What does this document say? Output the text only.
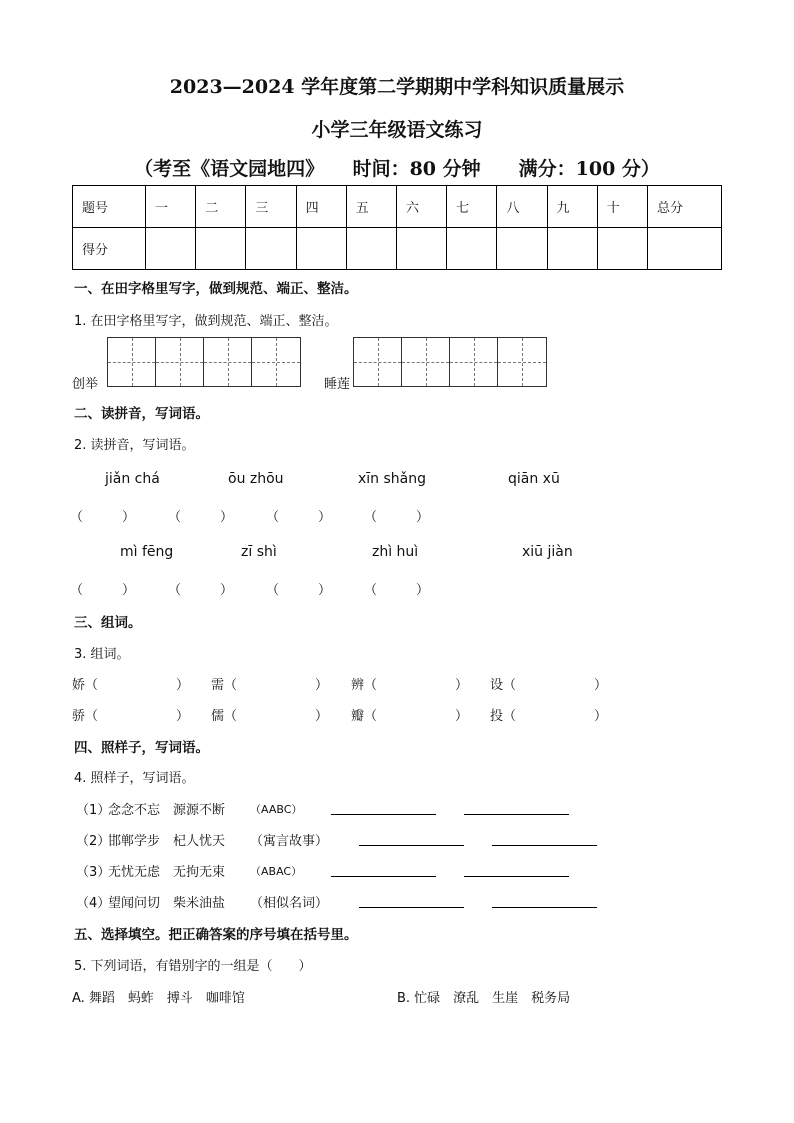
2023—2024 学年度第二学期期中学科知识质量展示
小学三年级语文练习
（考至《语文园地四》　　时间：80 分钟　　满分：100 分）
题号	一	二	三	四	五	六	七	八	九	十	总分
得分											
一、在田字格里写字，做到规范、端正、整洁。
1. 在田字格里写字，做到规范、端正、整洁。
创举	睡莲
二、读拼音，写词语。
2. 读拼音，写词语。
jiǎn chá	ōu zhōu	xīn shǎng	qiān xū
（　　　）	（　　　）	（　　　）	（　　　）
mì fēng	zī shì	zhì huì	xiū jiàn
（　　　）	（　　　）	（　　　）	（　　　）
三、组词。
3. 组词。
娇（　　　　　　） 需（　　　　　　） 辨（　　　　　　） 设（　　　　　　）
骄（　　　　　　） 儒（　　　　　　） 瓣（　　　　　　） 投（　　　　　　）
四、照样子，写词语。
4. 照样子，写词语。
（1）
念念不忘　源源不断 （AABC）
（2）
邯郸学步　杞人忧天 （寓言故事）
（3）
无忧无虑　无拘无束 （ABAC）
（4）
望闻问切　柴米油盐 （相似名词）
五、选择填空。把正确答案的序号填在括号里。
5. 下列词语，有错别字的一组是（　　）
A. 舞蹈　蚂蚱　搏斗　咖啡馆	B. 忙碌　潦乱　生崖　税务局
